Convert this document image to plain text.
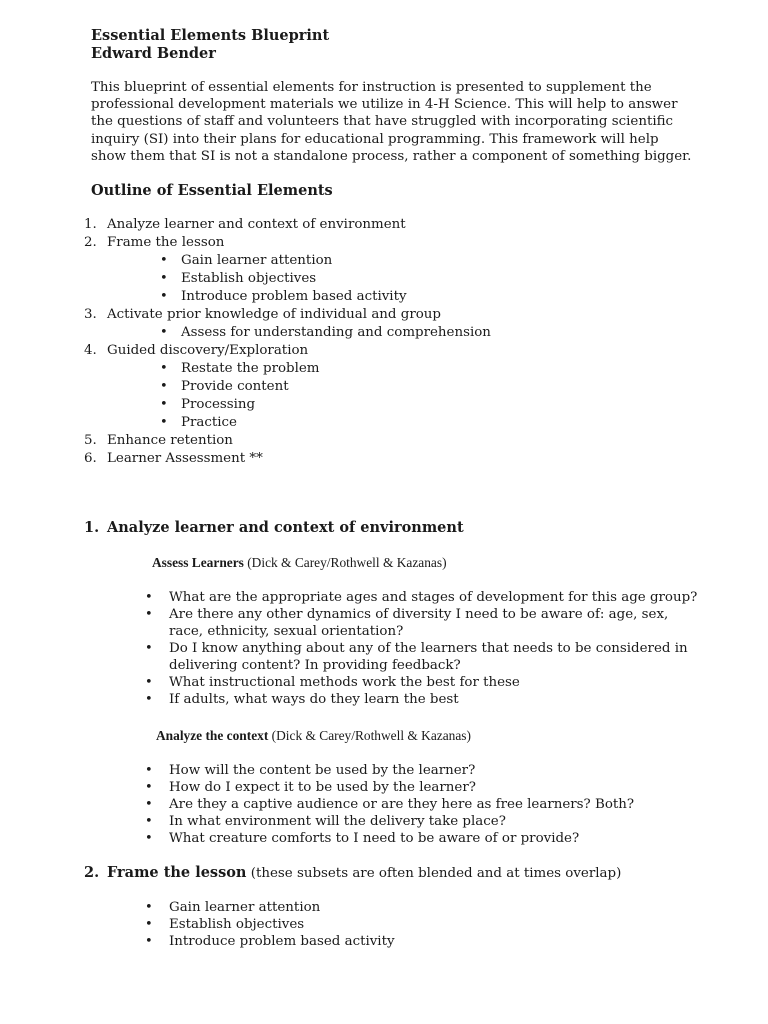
Essential Elements Blueprint
Edward Bender
This blueprint of essential elements for instruction is presented to supplement the
professional development materials we utilize in 4-H Science. This will help to answer
the questions of staff and volunteers that have struggled with incorporating scientific
inquiry (SI) into their plans for educational programming. This framework will help
show them that SI is not a standalone process, rather a component of something bigger.
Outline of Essential Elements
1. Analyze learner and context of environment
2. Frame the lesson
• Gain learner attention
• Establish objectives
• Introduce problem based activity
3. Activate prior knowledge of individual and group
• Assess for understanding and comprehension
4. Guided discovery/Exploration
• Restate the problem
• Provide content
• Processing
• Practice
5. Enhance retention
6. Learner Assessment **
1. Analyze learner and context of environment
Assess Learners (Dick & Carey/Rothwell & Kazanas)
• What are the appropriate ages and stages of development for this age group?
• Are there any other dynamics of diversity I need to be aware of: age, sex,
race, ethnicity, sexual orientation?
• Do I know anything about any of the learners that needs to be considered in
delivering content? In providing feedback?
• What instructional methods work the best for these
• If adults, what ways do they learn the best
Analyze the context (Dick & Carey/Rothwell & Kazanas)
• How will the content be used by the learner?
• How do I expect it to be used by the learner?
• Are they a captive audience or are they here as free learners? Both?
• In what environment will the delivery take place?
• What creature comforts to I need to be aware of or provide?
2. Frame the lesson (these subsets are often blended and at times overlap)
• Gain learner attention
• Establish objectives
• Introduce problem based activity
